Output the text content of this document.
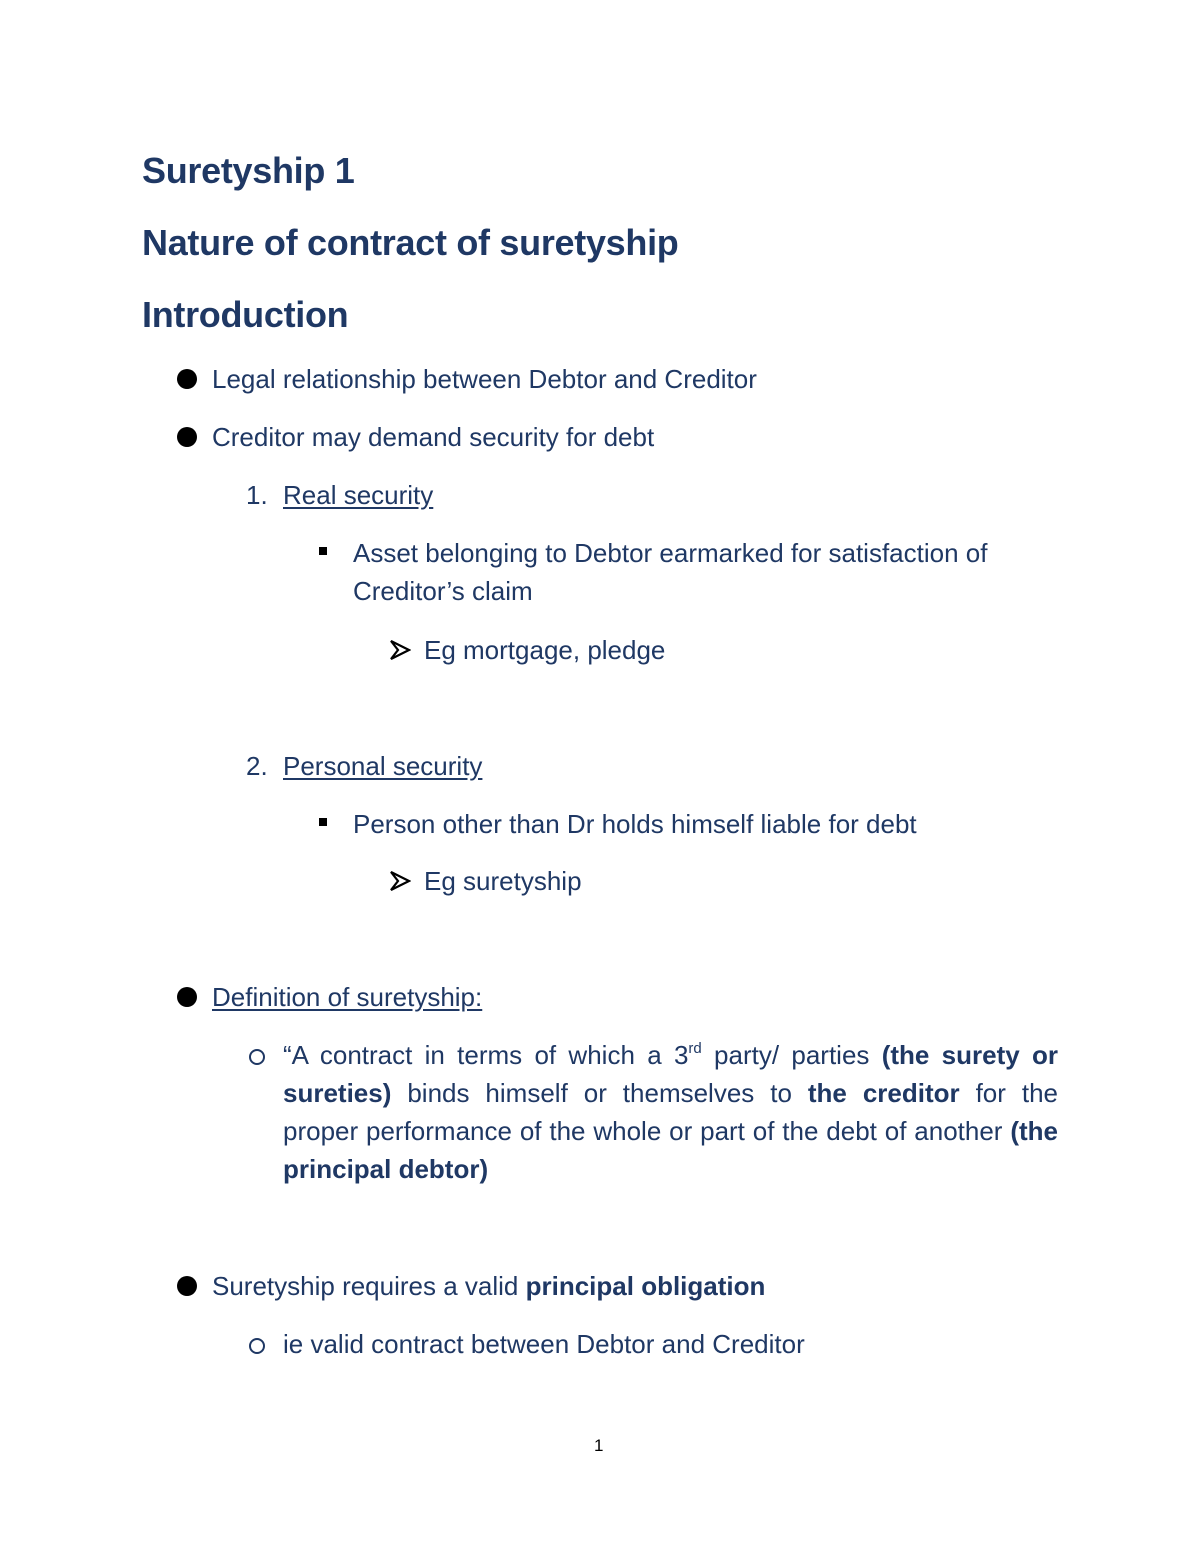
Suretyship 1
Nature of contract of suretyship
Introduction
Legal relationship between Debtor and Creditor
Creditor may demand security for debt
1. Real security
Asset belonging to Debtor earmarked for satisfaction of
Creditor’s claim
Eg mortgage, pledge
2. Personal security
Person other than Dr holds himself liable for debt
Eg suretyship
Definition of suretyship:
“A contract in terms of which a 3rd party/ parties (the surety or sureties) binds himself or themselves to the creditor for the proper performance of the whole or part of the debt of another (the principal debtor)
Suretyship requires a valid principal obligation
ie valid contract between Debtor and Creditor
1
